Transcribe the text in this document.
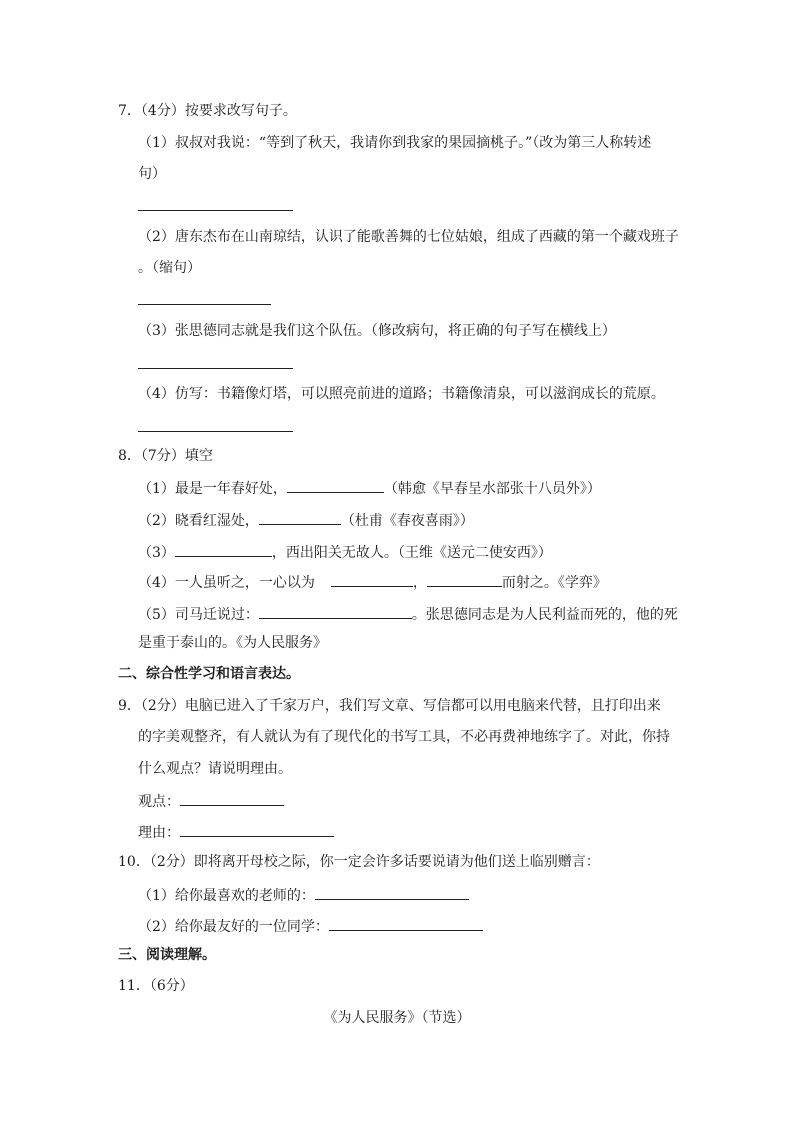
7．（4分）按要求改写句子。
（1）叔叔对我说：“等到了秋天，我请你到我家的果园摘桃子。”（改为第三人称转述
句）
（2）唐东杰布在山南琼结，认识了能歌善舞的七位姑娘，组成了西藏的第一个藏戏班子
。（缩句）
（3）张思德同志就是我们这个队伍。（修改病句，将正确的句子写在横线上）
（4）仿写：书籍像灯塔，可以照亮前进的道路；书籍像清泉，可以滋润成长的荒原。
8．（7分）填空
（1）最是一年春好处，	（韩愈《早春呈水部张十八员外》）
（2）晓看红湿处，	（杜甫《春夜喜雨》）
（3）	，西出阳关无故人。（王维《送元二使安西》）
（4）一人虽听之，一心以为	，	而射之。《学弈》
（5）司马迁说过：	。张思德同志是为人民利益而死的，他的死
是重于泰山的。《为人民服务》
二、综合性学习和语言表达。
9．（2分）电脑已进入了千家万户，我们写文章、写信都可以用电脑来代替，且打印出来
的字美观整齐，有人就认为有了现代化的书写工具，不必再费神地练字了。对此，你持
什么观点？请说明理由。
观点：
理由：
10．（2分）即将离开母校之际，你一定会许多话要说请为他们送上临别赠言：
（1）给你最喜欢的老师的：
（2）给你最友好的一位同学：
三、阅读理解。
11．（6分）
《为人民服务》（节选）
